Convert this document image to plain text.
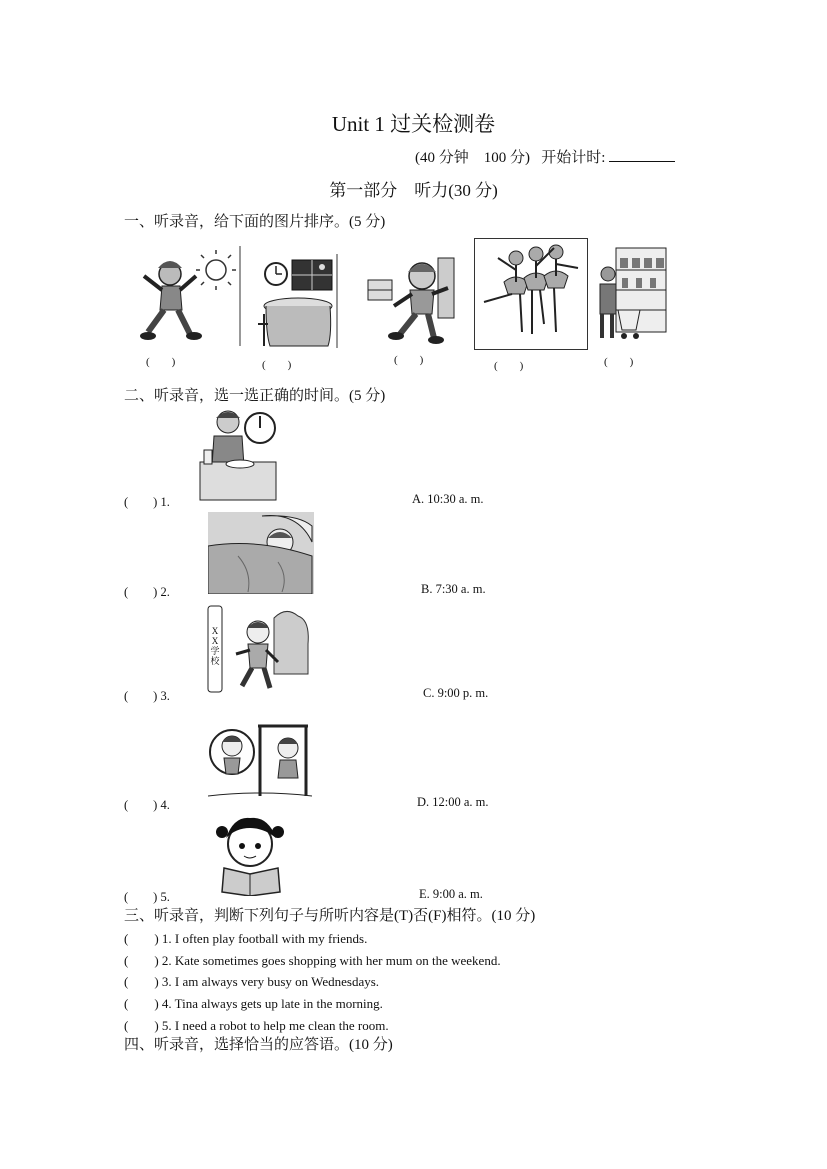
Unit 1 过关检测卷
(40 分钟　100 分) 开始计时:
第一部分　听力(30 分)
一、听录音，给下面的图片排序。(5 分)
(　　)	(　　)	(　　)	(　　)	(　　)
二、听录音，选一选正确的时间。(5 分)
X X 学 校
(　　) 1.
(　　) 2.
(　　) 3.
(　　) 4.
(　　) 5.
A. 10:30 a. m.
B. 7:30 a. m.
C. 9:00 p. m.
D. 12:00 a. m.
E. 9:00 a. m.
三、听录音，判断下列句子与所听内容是(T)否(F)相符。(10 分)
(　　) 1. I often play football with my friends.
(　　) 2. Kate sometimes goes shopping with her mum on the weekend.
(　　) 3. I am always very busy on Wednesdays.
(　　) 4. Tina always gets up late in the morning.
(　　) 5. I need a robot to help me clean the room.
四、听录音，选择恰当的应答语。(10 分)
